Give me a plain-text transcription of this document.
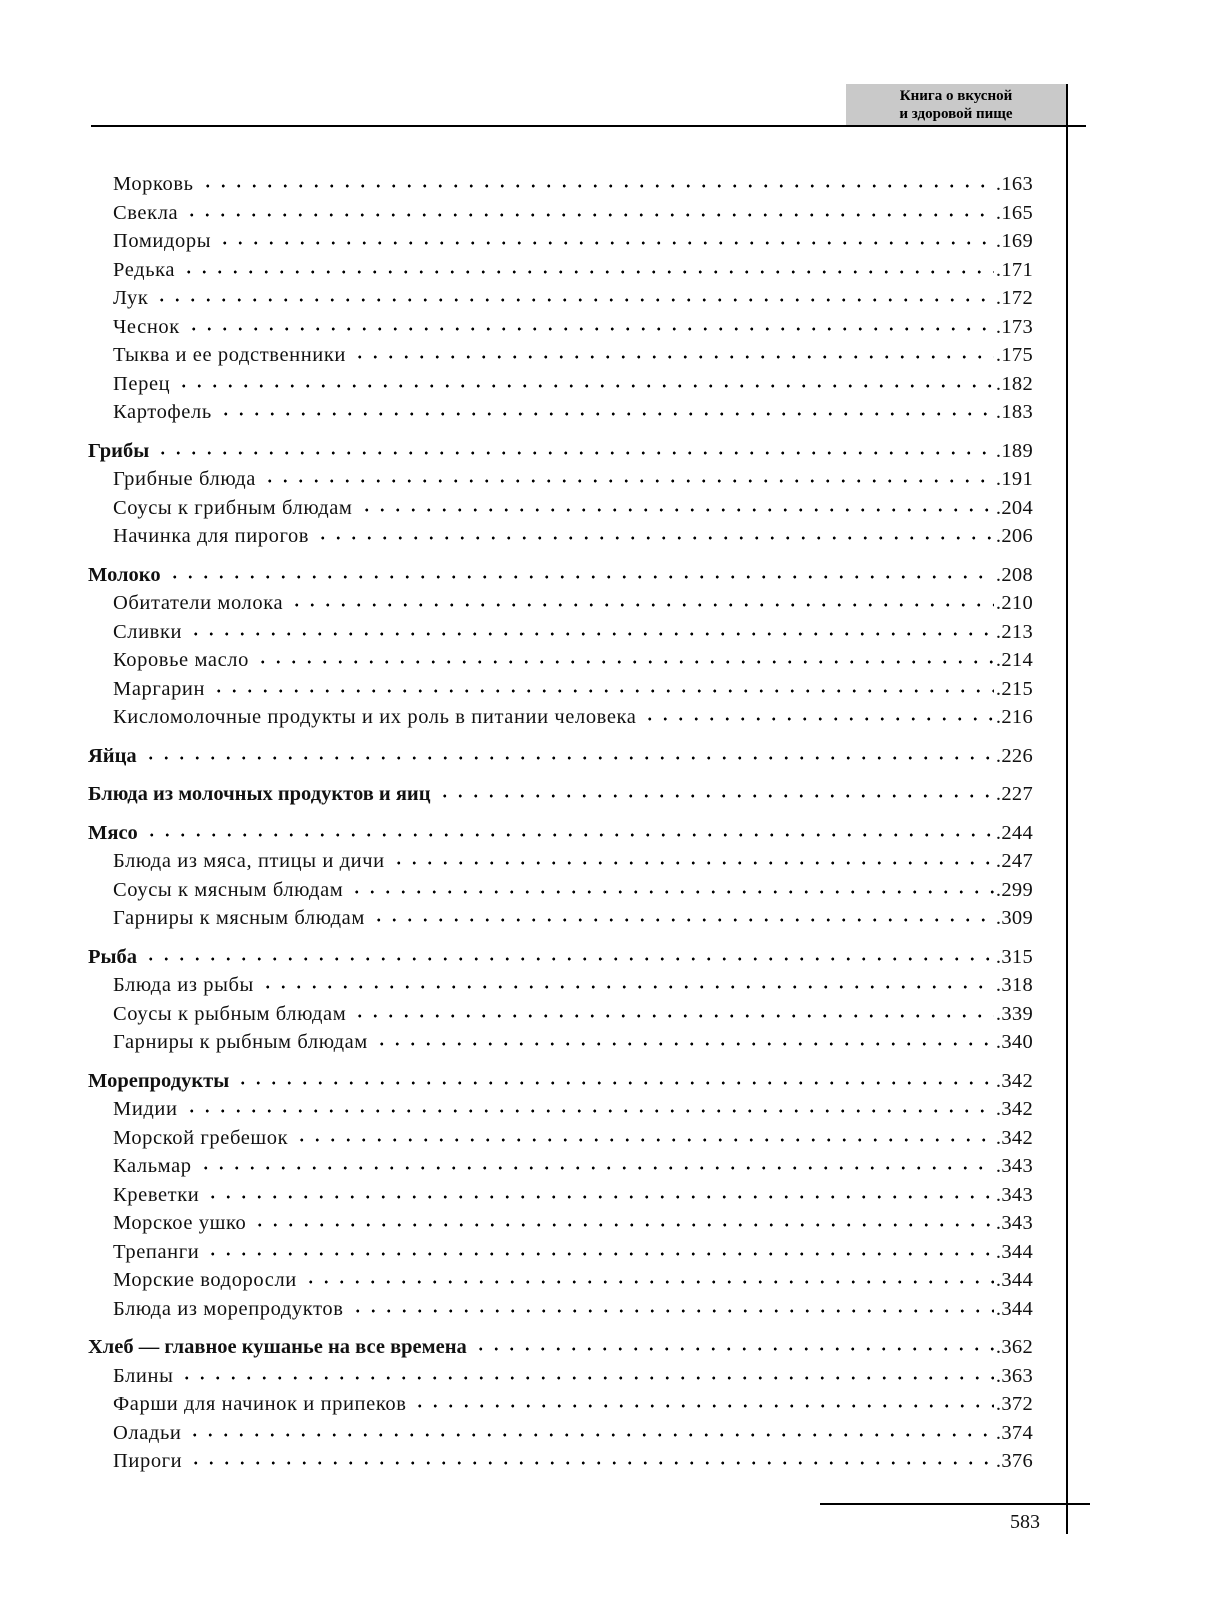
Книга о вкусной
и здоровой пище
Морковь	.163
Свекла	.165
Помидоры	.169
Редька	.171
Лук	.172
Чеснок	.173
Тыква и ее родственники	.175
Перец	.182
Картофель	.183
Грибы	.189
Грибные блюда	.191
Соусы к грибным блюдам	.204
Начинка для пирогов	.206
Молоко	.208
Обитатели молока	.210
Сливки	.213
Коровье масло	.214
Маргарин	.215
Кисломолочные продукты и их роль в питании человека	.216
Яйца	.226
Блюда из молочных продуктов и яиц	.227
Мясо	.244
Блюда из мяса, птицы и дичи	.247
Соусы к мясным блюдам	.299
Гарниры к мясным блюдам	.309
Рыба	.315
Блюда из рыбы	.318
Соусы к рыбным блюдам	.339
Гарниры к рыбным блюдам	.340
Морепродукты	.342
Мидии	.342
Морской гребешок	.342
Кальмар	.343
Креветки	.343
Морское ушко	.343
Трепанги	.344
Морские водоросли	.344
Блюда из морепродуктов	.344
Хлеб — главное кушанье на все времена	.362
Блины	.363
Фарши для начинок и припеков	.372
Оладьи	.374
Пироги	.376
583
